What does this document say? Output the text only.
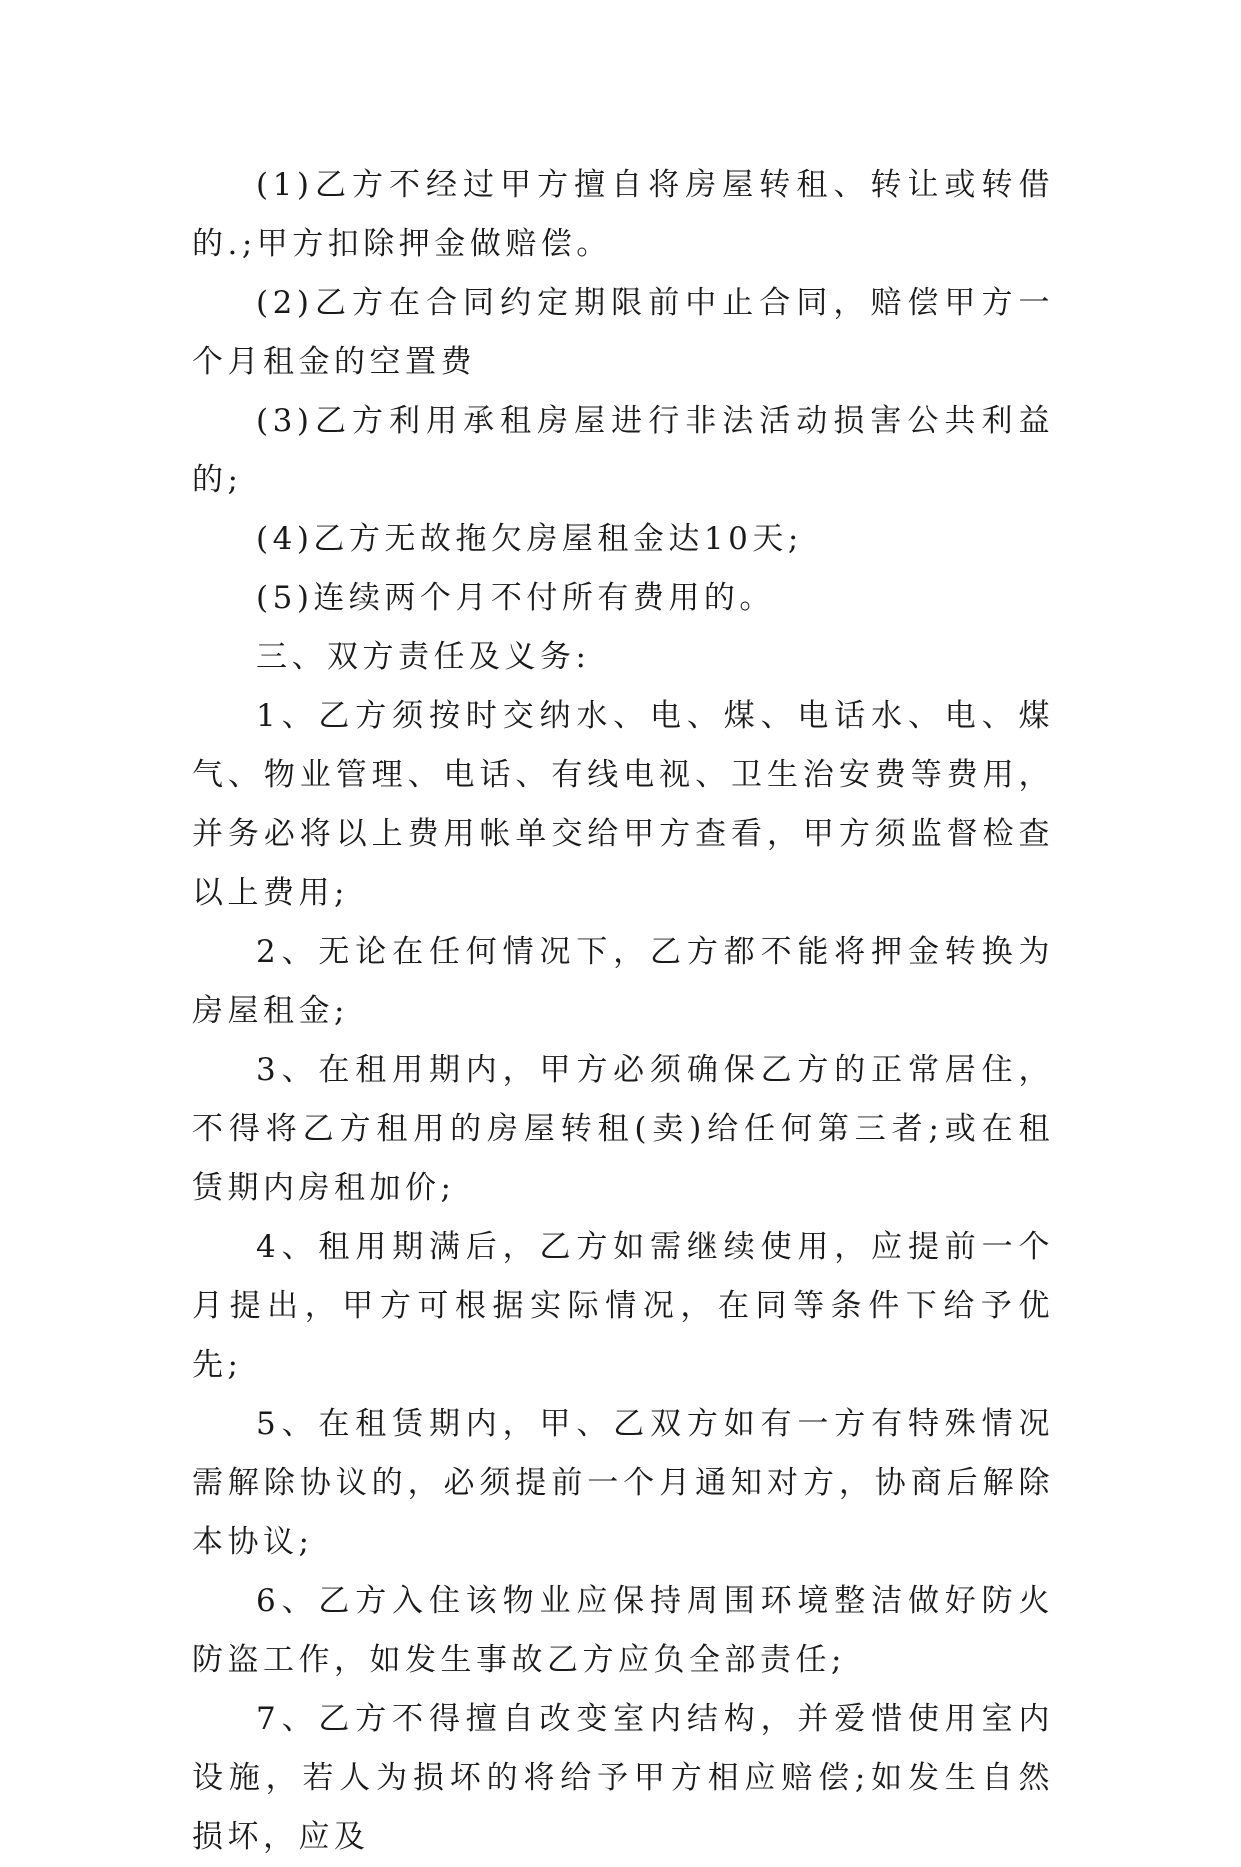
(1)乙方不经过甲方擅自将房屋转租、转让或转借的.;甲方扣除押金做赔偿。

(2)乙方在合同约定期限前中止合同，赔偿甲方一个月租金的空置费

(3)乙方利用承租房屋进行非法活动损害公共利益的;

(4)乙方无故拖欠房屋租金达10天;

(5)连续两个月不付所有费用的。

三、双方责任及义务:

1、乙方须按时交纳水、电、煤、电话水、电、煤气、物业管理、电话、有线电视、卫生治安费等费用，并务必将以上费用帐单交给甲方查看，甲方须监督检查以上费用;

2、无论在任何情况下，乙方都不能将押金转换为房屋租金;

3、在租用期内，甲方必须确保乙方的正常居住，不得将乙方租用的房屋转租(卖)给任何第三者;或在租赁期内房租加价;

4、租用期满后，乙方如需继续使用，应提前一个月提出，甲方可根据实际情况，在同等条件下给予优先;

5、在租赁期内，甲、乙双方如有一方有特殊情况需解除协议的，必须提前一个月通知对方，协商后解除本协议;

6、乙方入住该物业应保持周围环境整洁做好防火防盗工作，如发生事故乙方应负全部责任;

7、乙方不得擅自改变室内结构，并爱惜使用室内设施，若人为损坏的将给予甲方相应赔偿;如发生自然损坏，应及
